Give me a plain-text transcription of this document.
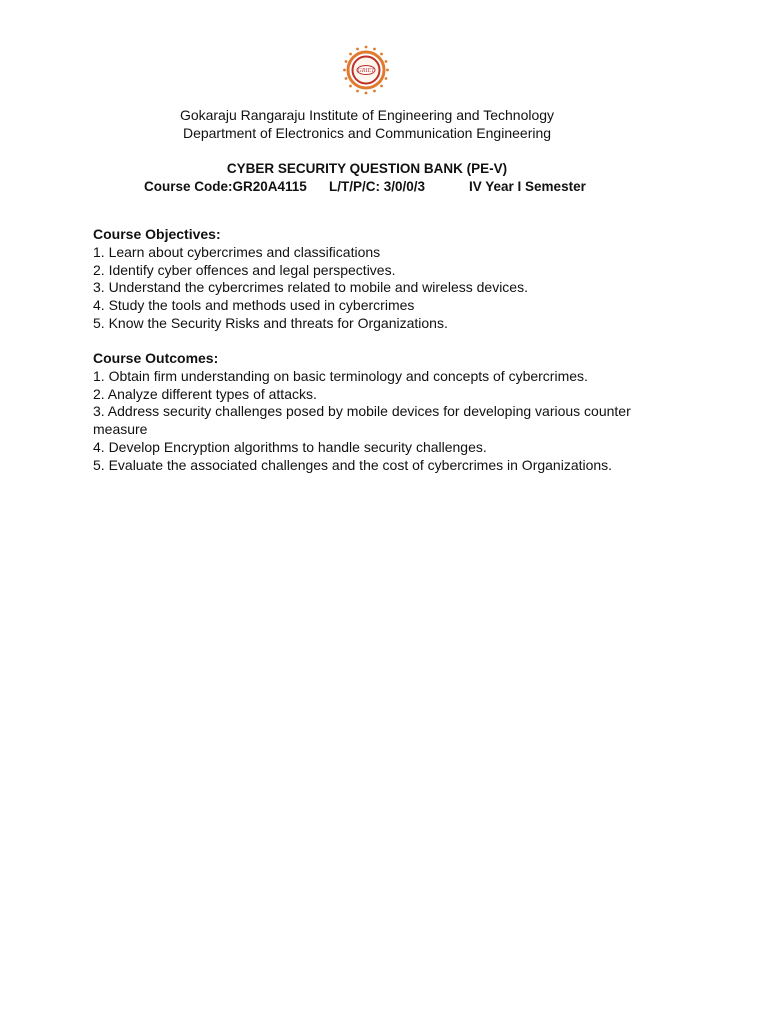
GRIET
Gokaraju Rangaraju Institute of Engineering and Technology
Department of Electronics and Communication Engineering
CYBER SECURITY QUESTION BANK (PE-V)
Course Code:GR20A4115 L/T/P/C: 3/0/0/3	IV Year I Semester
Course Objectives:
1. Learn about cybercrimes and classifications
2. Identify cyber offences and legal perspectives.
3. Understand the cybercrimes related to mobile and wireless devices.
4. Study the tools and methods used in cybercrimes
5. Know the Security Risks and threats for Organizations.
Course Outcomes:
1. Obtain firm understanding on basic terminology and concepts of cybercrimes.
2. Analyze different types of attacks.
3. Address security challenges posed by mobile devices for developing various counter measure
4. Develop Encryption algorithms to handle security challenges.
5. Evaluate the associated challenges and the cost of cybercrimes in Organizations.
